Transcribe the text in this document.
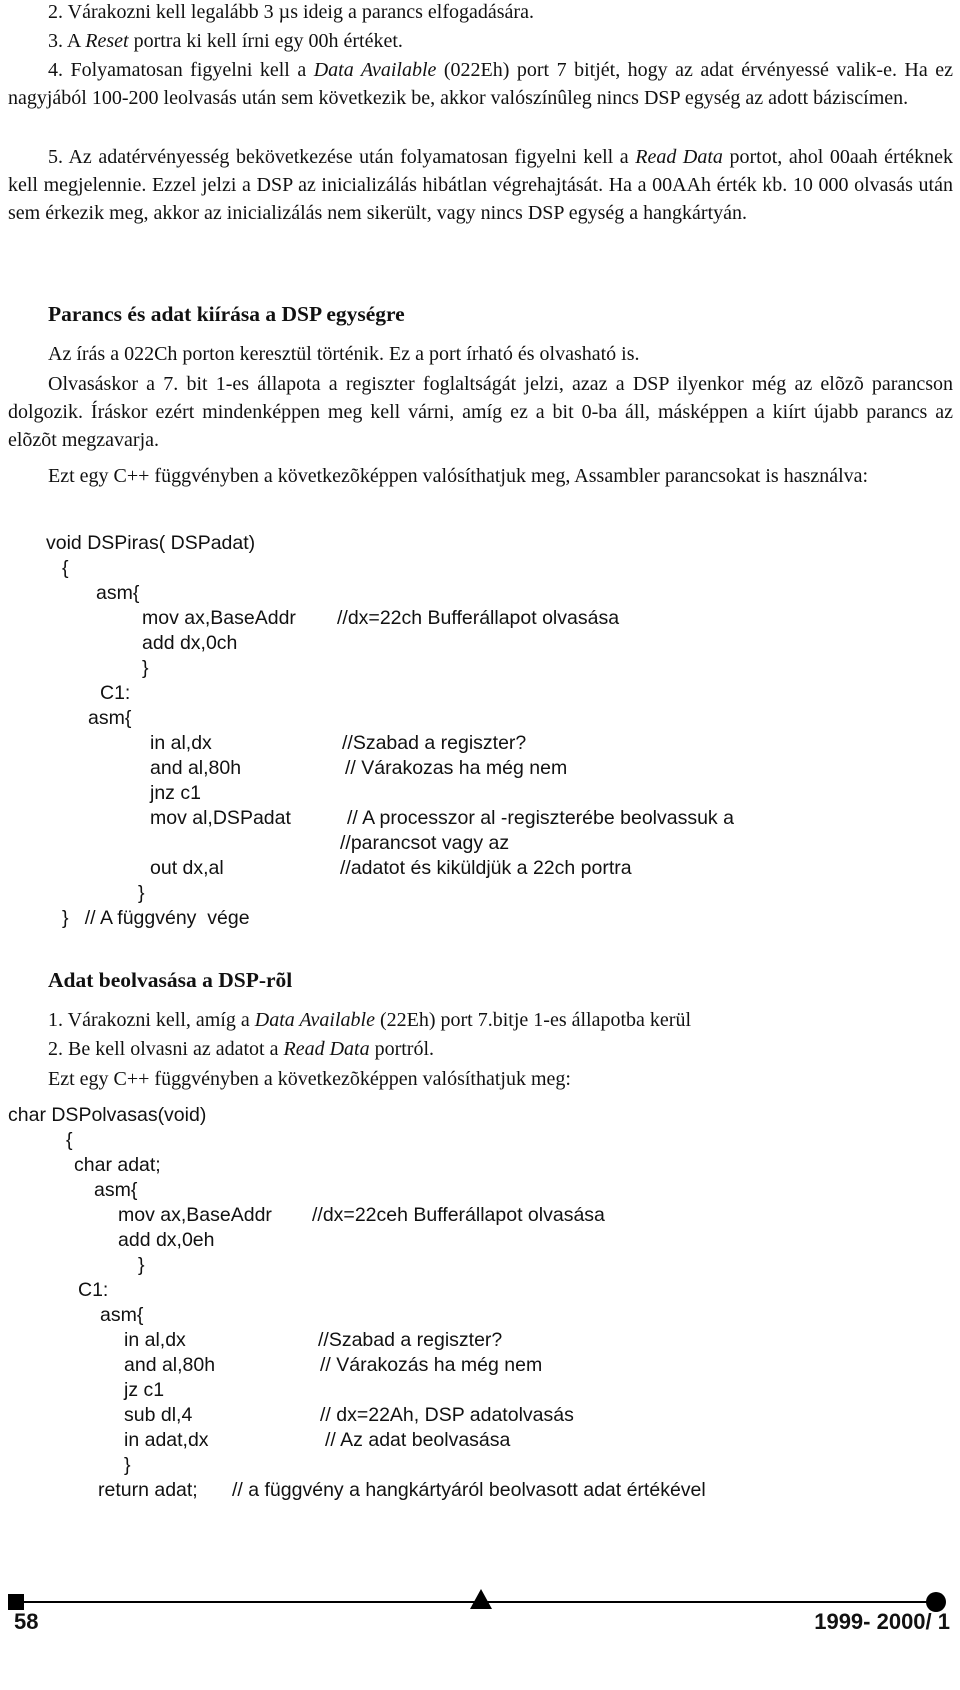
2. Várakozni kell legalább 3 µs ideig a parancs elfogadására.

3. A Reset portra ki kell írni egy 00h értéket.

4. Folyamatosan figyelni kell a Data Available (022Eh) port 7 bitjét, hogy az adat érvényessé valik-e. Ha ez nagyjából 100-200 leolvasás után sem következik be, akkor valószínûleg nincs DSP egység az adott báziscímen.

5. Az adatérvényesség bekövetkezése után folyamatosan figyelni kell a Read Data portot, ahol 00aah értéknek kell megjelennie. Ezzel jelzi a DSP az inicializálás hibátlan végrehajtását. Ha a 00AAh érték kb. 10 000 olvasás után sem érkezik meg, akkor az inicializálás nem sikerült, vagy nincs DSP egység a hangkártyán.

Parancs és adat kiírása a DSP egységre

Az írás a 022Ch porton keresztül történik. Ez a port írható és olvasható is.

Olvasáskor a 7. bit 1-es állapota a regiszter foglaltságát jelzi, azaz a DSP ilyenkor még az elõzõ parancson dolgozik. Íráskor ezért mindenképpen meg kell várni, amíg ez a bit 0-ba áll, másképpen a kiírt újabb parancs az elõzõt megzavarja.

Ezt egy C++ függvényben a következõképpen valósíthatjuk meg, Assambler parancsokat is használva:

void DSPiras( DSPadat)

{

asm{

mov ax,BaseAddr

//dx=22ch Bufferállapot olvasása

add dx,0ch

}

C1:

asm{

in al,dx

	//Szabad a regiszter?

and al,80h

	// Várakozas ha még nem

jnz c1

mov al,DSPadat

	// A processzor al -regiszterébe beolvassuk a

//parancsot vagy az

out dx,al

	//adatot és kiküldjük a 22ch portra

}

}   // A függvény  vége

Adat beolvasása a DSP-rõl

1. Várakozni kell, amíg a Data Available (22Eh) port 7.bitje 1-es állapotba kerül

2. Be kell olvasni az adatot a Read Data portról.

Ezt egy C++ függvényben a következõképpen valósíthatjuk meg:

char DSPolvasas(void)

{

char adat;

asm{

mov ax,BaseAddr

//dx=22ceh Bufferállapot olvasása

add dx,0eh

}

C1:

asm{

in al,dx

	//Szabad a regiszter?

and al,80h

	// Várakozás ha még nem

jz c1

sub dl,4

	// dx=22Ah, DSP adatolvasás

in adat,dx

	// Az adat beolvasása

}

return adat;

// a függvény a hangkártyáról beolvasott adat értékével

58	1999- 2000/ 1
